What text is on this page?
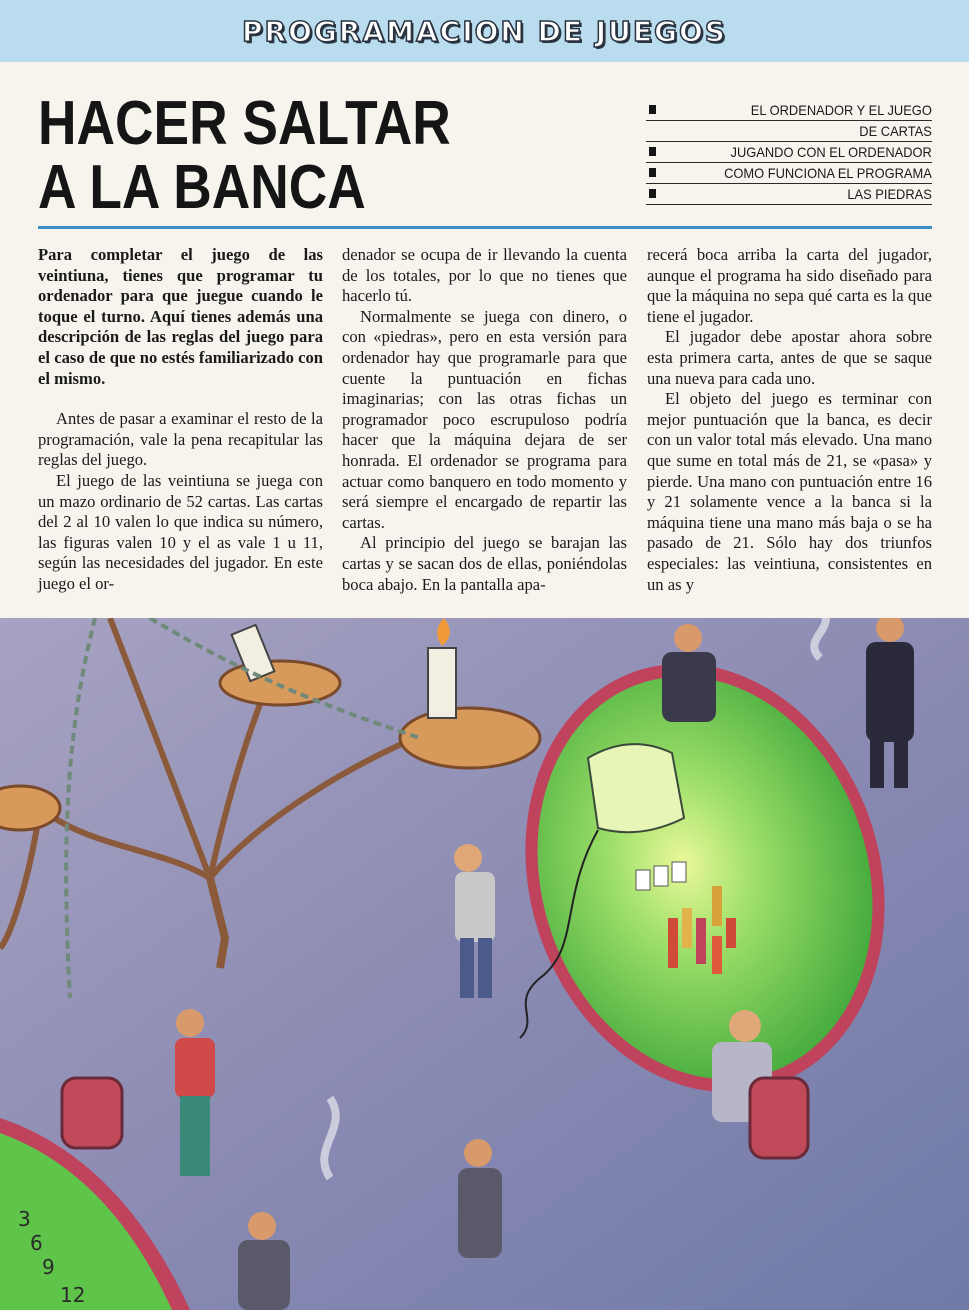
PROGRAMACION DE JUEGOS
HACER SALTAR
A LA BANCA
EL ORDENADOR Y EL JUEGO
DE CARTAS
JUGANDO CON EL ORDENADOR
COMO FUNCIONA EL PROGRAMA
LAS PIEDRAS

Para completar el juego de las veintiuna, tienes que programar tu ordenador para que juegue cuando le toque el turno. Aquí tienes además una descripción de las reglas del juego para el caso de que no estés familiarizado con el mismo.

Antes de pasar a examinar el resto de la programación, vale la pena recapitular las reglas del juego.

El juego de las veintiuna se juega con un mazo ordinario de 52 cartas. Las cartas del 2 al 10 valen lo que indica su número, las figuras valen 10 y el as vale 1 u 11, según las necesidades del jugador. En este juego el or-

denador se ocupa de ir llevando la cuenta de los totales, por lo que no tienes que hacerlo tú.

Normalmente se juega con dinero, o con «piedras», pero en esta versión para ordenador hay que programarle para que cuente la puntuación en fichas imaginarias; con las otras fichas un programador poco escrupuloso podría hacer que la máquina dejara de ser honrada. El ordenador se programa para actuar como banquero en todo momento y será siempre el encargado de repartir las cartas.

Al principio del juego se barajan las cartas y se sacan dos de ellas, poniéndolas boca abajo. En la pantalla apa-

recerá boca arriba la carta del jugador, aunque el programa ha sido diseñado para que la máquina no sepa qué carta es la que tiene el jugador.

El jugador debe apostar ahora sobre esta primera carta, antes de que se saque una nueva para cada uno.

El objeto del juego es terminar con mejor puntuación que la banca, es decir con un valor total más elevado. Una mano que sume en total más de 21, se «pasa» y pierde. Una mano con puntuación entre 16 y 21 solamente vence a la banca si la máquina tiene una mano más baja o se ha pasado de 21. Sólo hay dos triunfos especiales: las veintiuna, consistentes en un as y

3
6
9
12
